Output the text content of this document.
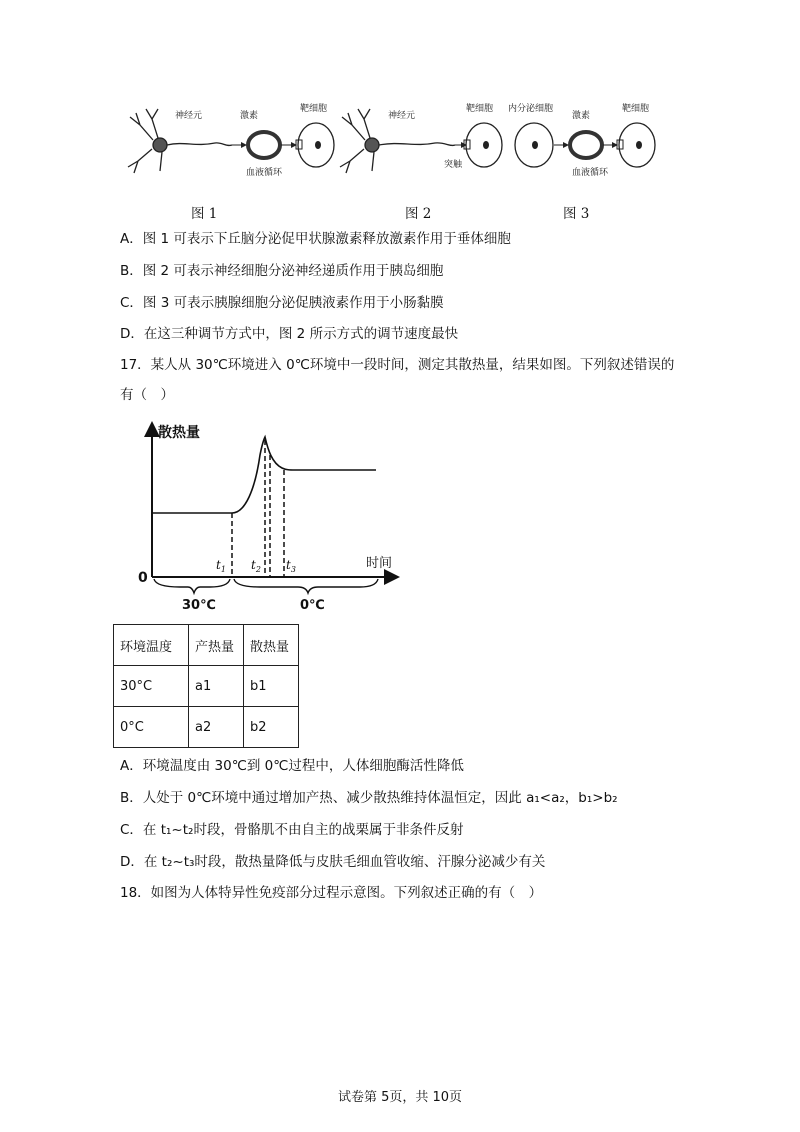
神经元	激素
靶细胞
血液循环
神经元
靶细胞
突触
内分泌细胞
激素
靶细胞
血液循环
图 1	图 2	图 3
A．图 1 可表示下丘脑分泌促甲状腺激素释放激素作用于垂体细胞
B．图 2 可表示神经细胞分泌神经递质作用于胰岛细胞
C．图 3 可表示胰腺细胞分泌促胰液素作用于小肠黏膜
D．在这三种调节方式中，图 2 所示方式的调节速度最快
17．某人从 30℃环境进入 0℃环境中一段时间，测定其散热量，结果如图。下列叙述错误的
有（　）
散热量
时间
0
$t_1$ $t_2$ $t_3$
30℃	0℃
环境温度	产热量	散热量
30°C	a1	b1
0°C	a2	b2
A．环境温度由 30℃到 0℃过程中，人体细胞酶活性降低
B．人处于 0℃环境中通过增加产热、减少散热维持体温恒定，因此 a₁<a₂，b₁>b₂
C．在 t₁~t₂时段，骨骼肌不由自主的战栗属于非条件反射
D．在 t₂~t₃时段，散热量降低与皮肤毛细血管收缩、汗腺分泌减少有关
18．如图为人体特异性免疫部分过程示意图。下列叙述正确的有（　）
试卷第 5页，共 10页
